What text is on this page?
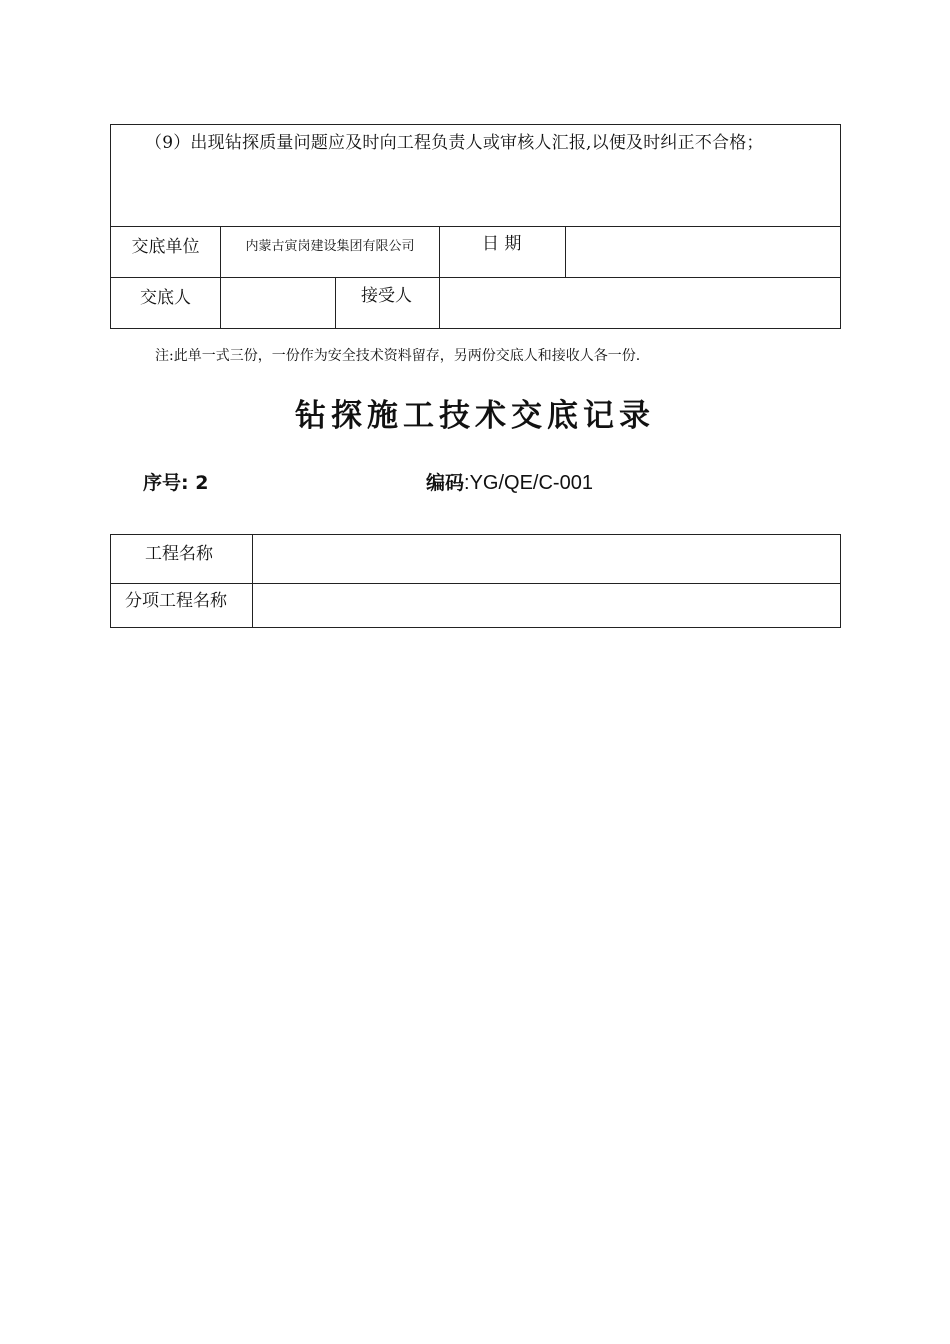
（9）出现钻探质量问题应及时向工程负责人或审核人汇报,以便及时纠正不合格；				

交底单位	内蒙古寅岗建设集团有限公司		日 期	

交底人		接受人		

注:此单一式三份，一份作为安全技术资料留存，另两份交底人和接收人各一份.
钻探施工技术交底记录
序号: 2	编码:YG/QE/C-001
工程名称	

分项工程名称	
